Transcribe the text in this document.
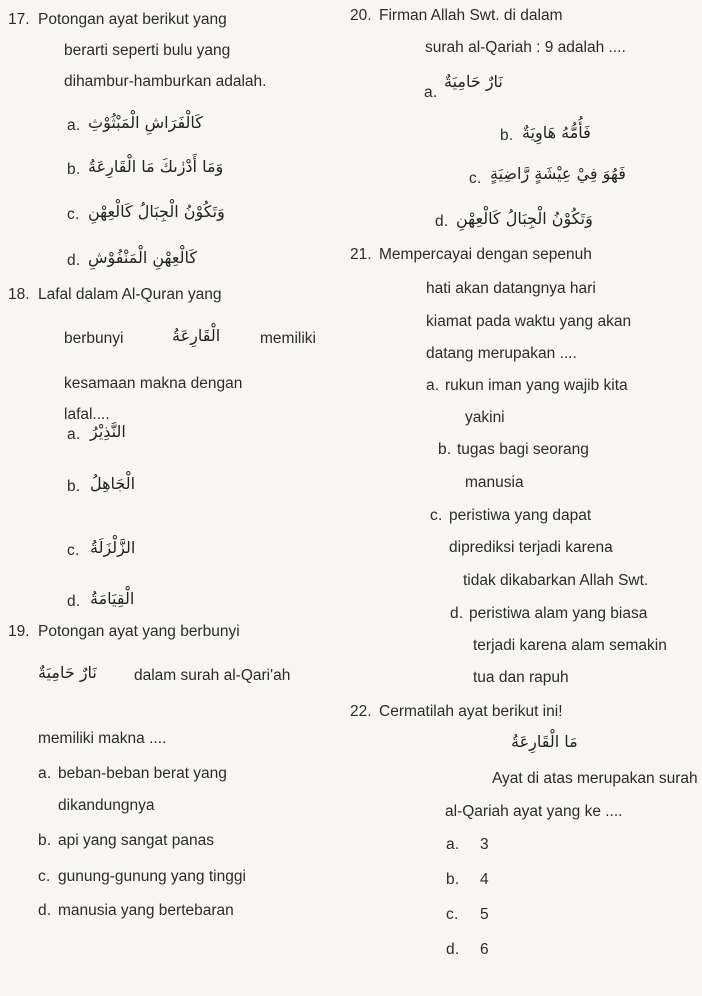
17. Potongan ayat berikut yang
berarti seperti bulu yang
dihambur-hamburkan adalah.
a. كَالْفَرَاشِ الْمَبْثُوْثِ
b. وَمَا أَدْرٰىكَ مَا الْقَارِعَةُ
c. وَتَكُوْنُ الْجِبَالُ كَالْعِهْنِ
d. كَالْعِهْنِ الْمَنْفُوْشِ
18. Lafal dalam Al-Quran yang
berbunyi	الْقَارِعَةُ	memiliki
kesamaan makna dengan
lafal....
a. النَّذِيْرُ
b. الْجَاهِلُ
c. الزَّلْزَلَةُ
d. الْقِيَامَةُ
19. Potongan ayat yang berbunyi
نَارٌ حَامِيَةٌ dalam surah al-Qari'ah
memiliki makna ....
a. beban-beban berat yang
dikandungnya
b. api yang sangat panas
c. gunung-gunung yang tinggi
d. manusia yang bertebaran
20. Firman Allah Swt. di dalam
surah al-Qariah : 9 adalah ....
a.
نَارٌ حَامِيَةٌ
b. فَأُمُّهُ هَاوِيَةٌ
c. فَهُوَ فِيْ عِيْشَةٍ رَّاضِيَةٍ
d. وَتَكُوْنُ الْجِبَالُ كَالْعِهْنِ
21. Mempercayai dengan sepenuh
hati akan datangnya hari
kiamat pada waktu yang akan
datang merupakan ....
a. rukun iman yang wajib kita
yakini
b. tugas bagi seorang
manusia
c. peristiwa yang dapat
diprediksi terjadi karena
tidak dikabarkan Allah Swt.
d. peristiwa alam yang biasa
terjadi karena alam semakin
tua dan rapuh
22. Cermatilah ayat berikut ini!
مَا الْقَارِعَةُ
Ayat di atas merupakan surah
al-Qariah ayat yang ke ....
a. 3
b. 4
c. 5
d. 6
